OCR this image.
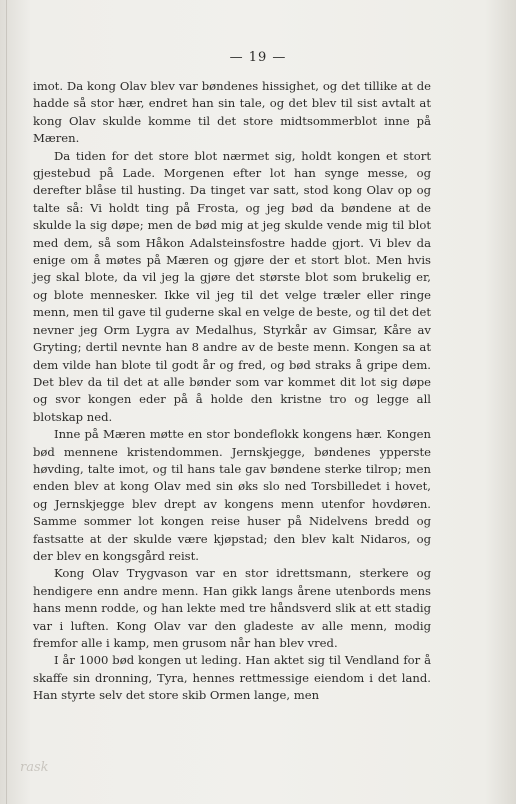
— 19 —

imot. Da kong Olav blev var bøndenes hissighet, og det tillike at de hadde så stor hær, endret han sin tale, og det blev til sist avtalt at kong Olav skulde komme til det store midtsommerblot inne på Mæren.

Da tiden for det store blot nærmet sig, holdt kongen et stort gjestebud på Lade. Morgenen efter lot han synge messe, og derefter blåse til husting. Da tinget var satt, stod kong Olav op og talte så: Vi holdt ting på Frosta, og jeg bød da bøndene at de skulde la sig døpe; men de bød mig at jeg skulde vende mig til blot med dem, så som Håkon Adalsteinsfostre hadde gjort. Vi blev da enige om å møtes på Mæren og gjøre der et stort blot. Men hvis jeg skal blote, da vil jeg la gjøre det største blot som brukelig er, og blote mennesker. Ikke vil jeg til det velge træler eller ringe menn, men til gave til guderne skal en velge de beste, og til det det nevner jeg Orm Lygra av Medalhus, Styrkår av Gimsar, Kåre av Gryting; dertil nevnte han 8 andre av de beste menn. Kongen sa at dem vilde han blote til godt år og fred, og bød straks å gripe dem. Det blev da til det at alle bønder som var kommet dit lot sig døpe og svor kongen eder på å holde den kristne tro og legge all blotskap ned.

Inne på Mæren møtte en stor bondeflokk kongens hær. Kongen bød mennene kristendommen. Jernskjegge, bøndenes ypperste høvding, talte imot, og til hans tale gav bøndene sterke tilrop; men enden blev at kong Olav med sin øks slo ned Torsbilledet i hovet, og Jernskjegge blev drept av kongens menn utenfor hovdøren. Samme sommer lot kongen reise huser på Nidelvens bredd og fastsatte at der skulde være kjøpstad; den blev kalt Nidaros, og der blev en kongsgård reist.

Kong Olav Trygvason var en stor idrettsmann, sterkere og hendigere enn andre menn. Han gikk langs årene utenbords mens hans menn rodde, og han lekte med tre håndsverd slik at ett stadig var i luften. Kong Olav var den gladeste av alle menn, modig fremfor alle i kamp, men grusom når han blev vred.

I år 1000 bød kongen ut leding. Han aktet sig til Vendland for å skaffe sin dronning, Tyra, hennes rettmessige eiendom i det land. Han styrte selv det store skib Ormen lange, men

rask
